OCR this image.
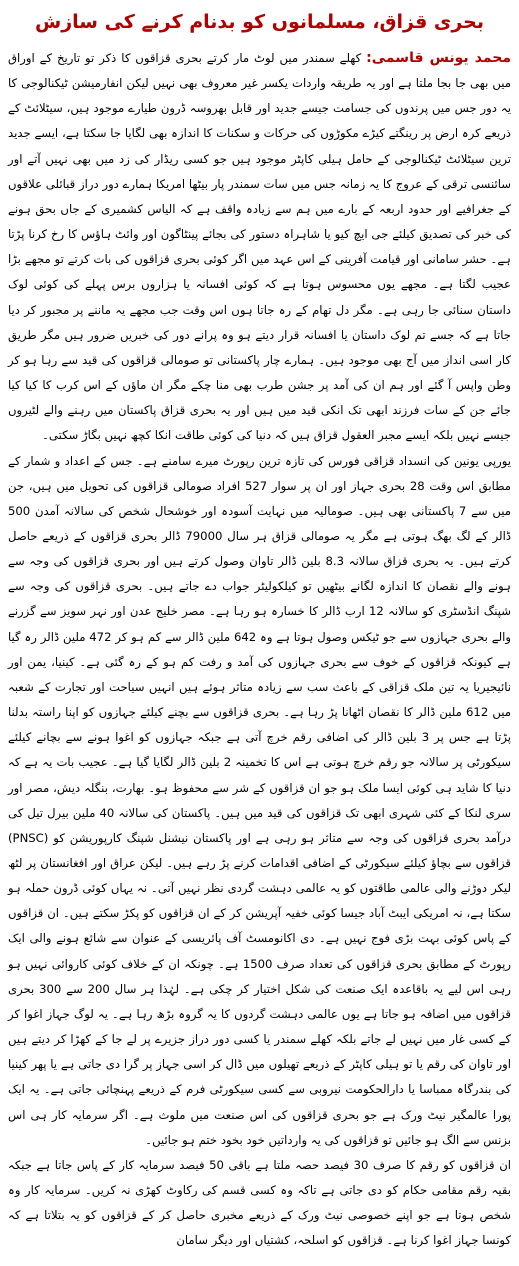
بحری قزاق، مسلمانوں کو بدنام کرنے کی سازش

محمد یونس قاسمی: کھلے سمندر میں لوٹ مار کرتے بحری قزاقوں کا ذکر تو تاریخ کے اوراق میں بھی جا بجا ملتا ہے اور یہ طریقہ واردات یکسر غیر معروف بھی نہیں لیکن انفارمیشن ٹیکنالوجی کا یہ دور جس میں پرندوں کی جسامت جیسے جدید اور قابل بھروسہ ڈرون طیارے موجود ہیں، سیٹلائٹ کے ذریعے کرہ ارض پر رینگتے کیڑے مکوڑوں کی حرکات و سکنات کا اندازہ بھی لگایا جا سکتا ہے، ایسے جدید ترین سیٹلائٹ ٹیکنالوجی کے حامل ہیلی کاپٹر موجود ہیں جو کسی ریڈار کی زد میں بھی نہیں آتے اور سائنسی ترقی کے عروج کا یہ زمانہ جس میں سات سمندر پار بیٹھا امریکا ہمارے دور دراز قبائلی علاقوں کے جغرافیے اور حدود اربعہ کے بارے میں ہم سے زیادہ واقف ہے کہ الیاس کشمیری کے جاں بحق ہونے کی خبر کی تصدیق کیلئے جی ایچ کیو یا شاہراہ دستور کی بجائے پینٹاگون اور وائٹ ہاؤس کا رخ کرنا پڑتا ہے۔ حشر سامانی اور قیامت آفرینی کے اس عہد میں اگر کوئی بحری قزاقوں کی بات کرتے تو مجھے بڑا عجیب لگتا ہے۔ مجھے یوں محسوس ہوتا ہے کہ کوئی افسانہ یا ہزاروں برس پہلے کی کوئی لوک داستان سنائی جا رہی ہے۔ مگر دل تھام کے رہ جاتا ہوں اس وقت جب مجھے یہ ماننے پر مجبور کر دیا جاتا ہے کہ جسے تم لوک داستان یا افسانہ قرار دیتے ہو وہ پرانے دور کی خبریں ضرور ہیں مگر طریق کار اسی انداز میں آج بھی موجود ہیں۔ ہمارے چار پاکستانی تو صومالی قزاقوں کی قید سے رہا ہو کر وطن واپس آ گئے اور ہم ان کی آمد پر جشن طرب بھی منا چکے مگر ان ماؤں کے اس کرب کا کیا کیا جائے جن کے سات فرزند ابھی تک انکی قید میں ہیں اور یہ بحری قزاق پاکستان میں رہنے والے لٹیروں جیسے نہیں بلکہ ایسے مجبر العقول قزاق ہیں کہ دنیا کی کوئی طاقت انکا کچھ نہیں بگاڑ سکتی۔

یورپی یونین کی انسداد قزاقی فورس کی تازہ ترین رپورٹ میرے سامنے ہے۔ جس کے اعداد و شمار کے مطابق اس وقت 28 بحری جہاز اور ان پر سوار 527 افراد صومالی قزاقوں کی تحویل میں ہیں، جن میں سے 7 پاکستانی بھی ہیں۔ صومالیہ میں نہایت آسودہ اور خوشحال شخص کی سالانہ آمدن 500 ڈالر کے لگ بھگ ہوتی ہے مگر یہ صومالی قزاق ہر سال 79000 ڈالر بحری قزاقوں کے ذریعے حاصل کرتے ہیں۔ یہ بحری قزاق سالانہ 8.3 بلین ڈالر تاوان وصول کرتے ہیں اور بحری قزاقوں کی وجہ سے ہونے والے نقصان کا اندازہ لگانے بیٹھیں تو کیلکولیٹر جواب دے جاتے ہیں۔ بحری قزاقوں کی وجہ سے شپنگ انڈسٹری کو سالانہ 12 ارب ڈالر کا خسارہ ہو رہا ہے۔ مصر خلیج عدن اور نہر سویز سے گزرنے والے بحری جہازوں سے جو ٹیکس وصول ہوتا ہے وہ 642 ملین ڈالر سے کم ہو کر 472 ملین ڈالر رہ گیا ہے کیونکہ قزاقوں کے خوف سے بحری جہازوں کی آمد و رفت کم ہو کے رہ گئی ہے۔ کینیا، یمن اور نائیجیریا یہ تین ملک قزاقی کے باعث سب سے زیادہ متاثر ہوئے ہیں انہیں سیاحت اور تجارت کے شعبہ میں 612 ملین ڈالر کا نقصان اٹھانا پڑ رہا ہے۔ بحری قزاقوں سے بچنے کیلئے جہازوں کو اپنا راستہ بدلنا پڑتا ہے جس پر 3 بلین ڈالر کی اضافی رقم خرچ آتی ہے جبکہ جہازوں کو اغوا ہونے سے بچانے کیلئے سیکورٹی پر سالانہ جو رقم خرچ ہوتی ہے اس کا تخمینہ 2 بلین ڈالر لگایا گیا ہے۔ عجیب بات یہ ہے کہ دنیا کا شاید ہی کوئی ایسا ملک ہو جو ان قزاقوں کے شر سے محفوظ ہو۔ بھارت، بنگلہ دیش، مصر اور سری لنکا کے کئی شہری ابھی تک قزاقوں کی قید میں ہیں۔ پاکستان کی سالانہ 40 ملین بیرل تیل کی درآمد بحری قزاقوں کی وجہ سے متاثر ہو رہی ہے اور پاکستان نیشنل شپنگ کارپوریشن کو (PNSC) قزاقوں سے بچاؤ کیلئے سیکورٹی کے اضافی اقدامات کرنے پڑ رہے ہیں۔ لیکن عراق اور افغانستان پر لٹھ لیکر دوڑنے والی عالمی طاقتوں کو یہ عالمی دہشت گردی نظر نہیں آتی۔ نہ یہاں کوئی ڈرون حملہ ہو سکتا ہے، نہ امریکی ایبٹ آباد جیسا کوئی خفیہ آپریشن کر کے ان قزاقوں کو پکڑ سکتے ہیں۔ ان قزاقوں کے پاس کوئی بہت بڑی فوج نہیں ہے۔ دی اکانومسٹ آف پائریسی کے عنوان سے شائع ہونے والی ایک رپورٹ کے مطابق بحری قزاقوں کی تعداد صرف 1500 ہے۔ چونکہ ان کے خلاف کوئی کاروائی نہیں ہو رہی اس لیے یہ باقاعدہ ایک صنعت کی شکل اختیار کر چکی ہے۔ لہٰذا ہر سال 200 سے 300 بحری قزاقوں میں اضافہ ہو جاتا ہے یوں عالمی دہشت گردوں کا یہ گروہ بڑھ رہا ہے۔ یہ لوگ جہاز اغوا کر کے کسی غار میں نہیں لے جاتے بلکہ کھلے سمندر یا کسی دور دراز جزیرے پر لے جا کے کھڑا کر دیتے ہیں اور تاوان کی رقم یا تو ہیلی کاپٹر کے ذریعے تھیلوں میں ڈال کر اسی جہاز پر گرا دی جاتی ہے یا پھر کینیا کی بندرگاہ ممباسا یا دارالحکومت نیروبی سے کسی سیکورٹی فرم کے ذریعے پہنچائی جاتی ہے۔ یہ ایک پورا عالمگیر نیٹ ورک ہے جو بحری قزاقوں کی اس صنعت میں ملوث ہے۔ اگر سرمایہ کار ہی اس بزنس سے الگ ہو جائیں تو قزاقوں کی یہ وارداتیں خود بخود ختم ہو جائیں۔

ان قزاقوں کو رقم کا صرف 30 فیصد حصہ ملتا ہے باقی 50 فیصد سرمایہ کار کے پاس جاتا ہے جبکہ بقیہ رقم مقامی حکام کو دی جاتی ہے تاکہ وہ کسی قسم کی رکاوٹ کھڑی نہ کریں۔ سرمایہ کار وہ شخص ہوتا ہے جو اپنے خصوصی نیٹ ورک کے ذریعے مخبری حاصل کر کے قزاقوں کو یہ بتلاتا ہے کہ کونسا جہاز اغوا کرنا ہے۔ قزاقوں کو اسلحہ، کشتیاں اور دیگر سامان
